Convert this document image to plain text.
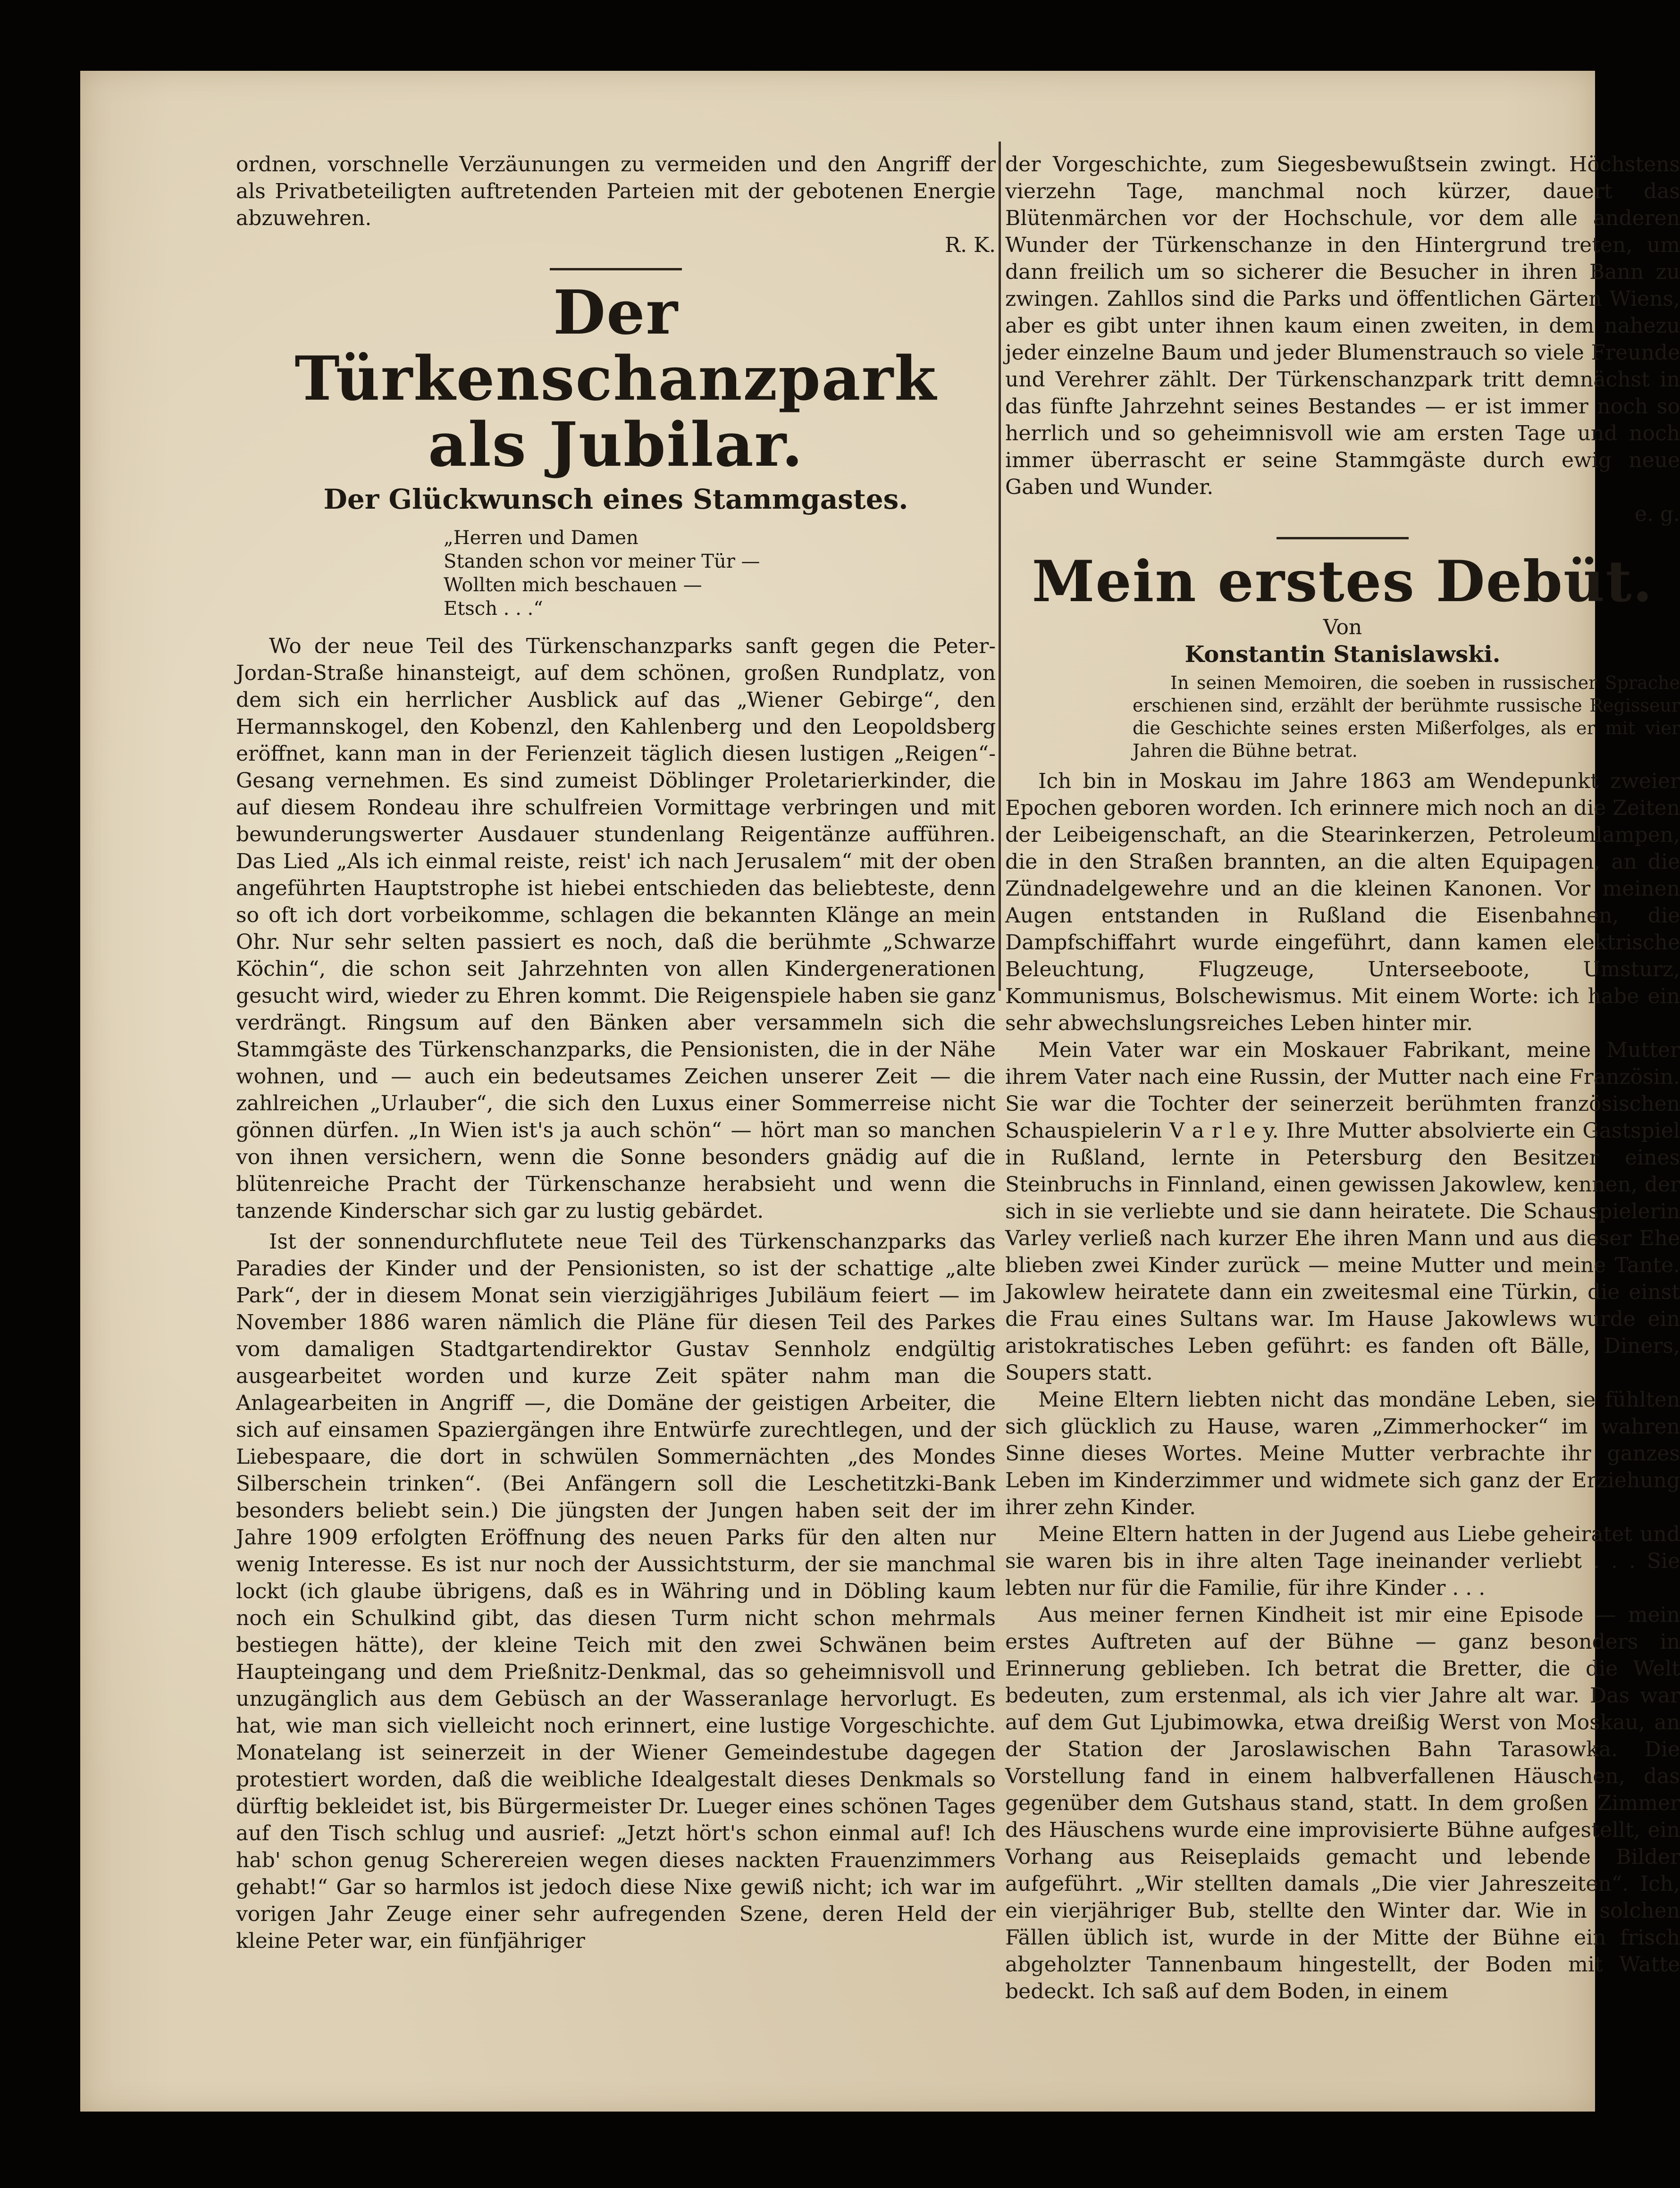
ordnen, vorschnelle Verzäunungen zu vermeiden und den Angriff der als Privatbeteiligten auftretenden Parteien mit der gebotenen Energie abzuwehren.
R. K.

Der Türkenschanzpark als Jubilar.
Der Glückwunsch eines Stammgastes.
„Herren und Damen
Standen schon vor meiner Tür —
Wollten mich beschauen —
Etsch . . .“

Wo der neue Teil des Türkenschanzparks sanft gegen die Peter-Jordan-Straße hinansteigt, auf dem schönen, großen Rundplatz, von dem sich ein herrlicher Ausblick auf das „Wiener Gebirge“, den Hermannskogel, den Kobenzl, den Kahlenberg und den Leopoldsberg eröffnet, kann man in der Ferienzeit täglich diesen lustigen „Reigen“-Gesang vernehmen. Es sind zumeist Döblinger Proletarierkinder, die auf diesem Rondeau ihre schulfreien Vormittage verbringen und mit bewunderungswerter Ausdauer stundenlang Reigentänze aufführen. Das Lied „Als ich einmal reiste, reist' ich nach Jerusalem“ mit der oben angeführten Hauptstrophe ist hiebei entschieden das beliebteste, denn so oft ich dort vorbeikomme, schlagen die bekannten Klänge an mein Ohr. Nur sehr selten passiert es noch, daß die berühmte „Schwarze Köchin“, die schon seit Jahrzehnten von allen Kindergenerationen gesucht wird, wieder zu Ehren kommt. Die Reigenspiele haben sie ganz verdrängt. Ringsum auf den Bänken aber versammeln sich die Stammgäste des Türkenschanzparks, die Pensionisten, die in der Nähe wohnen, und — auch ein bedeutsames Zeichen unserer Zeit — die zahlreichen „Urlauber“, die sich den Luxus einer Sommerreise nicht gönnen dürfen. „In Wien ist's ja auch schön“ — hört man so manchen von ihnen versichern, wenn die Sonne besonders gnädig auf die blütenreiche Pracht der Türkenschanze herabsieht und wenn die tanzende Kinderschar sich gar zu lustig gebärdet.

Ist der sonnendurchflutete neue Teil des Türkenschanzparks das Paradies der Kinder und der Pensionisten, so ist der schattige „alte Park“, der in diesem Monat sein vierzigjähriges Jubiläum feiert — im November 1886 waren nämlich die Pläne für diesen Teil des Parkes vom damaligen Stadtgartendirektor Gustav Sennholz endgültig ausgearbeitet worden und kurze Zeit später nahm man die Anlagearbeiten in Angriff —, die Domäne der geistigen Arbeiter, die sich auf einsamen Spaziergängen ihre Entwürfe zurechtlegen, und der Liebespaare, die dort in schwülen Sommernächten „des Mondes Silberschein trinken“. (Bei Anfängern soll die Leschetitzki-Bank besonders beliebt sein.) Die jüngsten der Jungen haben seit der im Jahre 1909 erfolgten Eröffnung des neuen Parks für den alten nur wenig Interesse. Es ist nur noch der Aussichtsturm, der sie manchmal lockt (ich glaube übrigens, daß es in Währing und in Döbling kaum noch ein Schulkind gibt, das diesen Turm nicht schon mehrmals bestiegen hätte), der kleine Teich mit den zwei Schwänen beim Haupteingang und dem Prießnitz-Denkmal, das so geheimnisvoll und unzugänglich aus dem Gebüsch an der Wasseranlage hervorlugt. Es hat, wie man sich vielleicht noch erinnert, eine lustige Vorgeschichte. Monatelang ist seinerzeit in der Wiener Gemeindestube dagegen protestiert worden, daß die weibliche Idealgestalt dieses Denkmals so dürftig bekleidet ist, bis Bürgermeister Dr. Lueger eines schönen Tages auf den Tisch schlug und ausrief: „Jetzt hört's schon einmal auf! Ich hab' schon genug Scherereien wegen dieses nackten Frauenzimmers gehabt!“ Gar so harmlos ist jedoch diese Nixe gewiß nicht; ich war im vorigen Jahr Zeuge einer sehr aufregenden Szene, deren Held der kleine Peter war, ein fünfjähriger

der Vorgeschichte, zum Siegesbewußtsein zwingt. Höchstens vierzehn Tage, manchmal noch kürzer, dauert das Blütenmärchen vor der Hochschule, vor dem alle anderen Wunder der Türkenschanze in den Hintergrund treten, um dann freilich um so sicherer die Besucher in ihren Bann zu zwingen. Zahllos sind die Parks und öffentlichen Gärten Wiens, aber es gibt unter ihnen kaum einen zweiten, in dem nahezu jeder einzelne Baum und jeder Blumenstrauch so viele Freunde und Verehrer zählt. Der Türkenschanzpark tritt demnächst in das fünfte Jahrzehnt seines Bestandes — er ist immer noch so herrlich und so geheimnisvoll wie am ersten Tage und noch immer überrascht er seine Stammgäste durch ewig neue Gaben und Wunder.
e. g.

Mein erstes Debüt.

Von

Konstantin Stanislawski.

In seinen Memoiren, die soeben in russischer Sprache erschienen sind, erzählt der berühmte russische Regisseur die Geschichte seines ersten Mißerfolges, als er mit vier Jahren die Bühne betrat.

Ich bin in Moskau im Jahre 1863 am Wendepunkt zweier Epochen geboren worden. Ich erinnere mich noch an die Zeiten der Leibeigenschaft, an die Stearinkerzen, Petroleumlampen, die in den Straßen brannten, an die alten Equipagen, an die Zündnadelgewehre und an die kleinen Kanonen. Vor meinen Augen entstanden in Rußland die Eisenbahnen, die Dampfschiffahrt wurde eingeführt, dann kamen elektrische Beleuchtung, Flugzeuge, Unterseeboote, Umsturz, Kommunismus, Bolschewismus. Mit einem Worte: ich habe ein sehr abwechslungsreiches Leben hinter mir.

Mein Vater war ein Moskauer Fabrikant, meine Mutter ihrem Vater nach eine Russin, der Mutter nach eine Französin. Sie war die Tochter der seinerzeit berühmten französischen Schauspielerin V a r l e y. Ihre Mutter absolvierte ein Gastspiel in Rußland, lernte in Petersburg den Besitzer eines Steinbruchs in Finnland, einen gewissen Jakowlew, kennen, der sich in sie verliebte und sie dann heiratete. Die Schauspielerin Varley verließ nach kurzer Ehe ihren Mann und aus dieser Ehe blieben zwei Kinder zurück — meine Mutter und meine Tante. Jakowlew heiratete dann ein zweitesmal eine Türkin, die einst die Frau eines Sultans war. Im Hause Jakowlews wurde ein aristokratisches Leben geführt: es fanden oft Bälle, Diners, Soupers statt.

Meine Eltern liebten nicht das mondäne Leben, sie fühlten sich glücklich zu Hause, waren „Zimmerhocker“ im wahren Sinne dieses Wortes. Meine Mutter verbrachte ihr ganzes Leben im Kinderzimmer und widmete sich ganz der Erziehung ihrer zehn Kinder.

Meine Eltern hatten in der Jugend aus Liebe geheiratet und sie waren bis in ihre alten Tage ineinander verliebt . . . Sie lebten nur für die Familie, für ihre Kinder . . .

Aus meiner fernen Kindheit ist mir eine Episode — mein erstes Auftreten auf der Bühne — ganz besonders in Erinnerung geblieben. Ich betrat die Bretter, die die Welt bedeuten, zum erstenmal, als ich vier Jahre alt war. Das war auf dem Gut Ljubimowka, etwa dreißig Werst von Moskau, an der Station der Jaroslawischen Bahn Tarasowka. Die Vorstellung fand in einem halbverfallenen Häuschen, das gegenüber dem Gutshaus stand, statt. In dem großen Zimmer des Häuschens wurde eine improvisierte Bühne aufgestellt, ein Vorhang aus Reiseplaids gemacht und lebende Bilder aufgeführt. „Wir stellten damals „Die vier Jahreszeiten“. Ich, ein vierjähriger Bub, stellte den Winter dar. Wie in solchen Fällen üblich ist, wurde in der Mitte der Bühne ein frisch abgeholzter Tannenbaum hingestellt, der Boden mit Watte bedeckt. Ich saß auf dem Boden, in einem
